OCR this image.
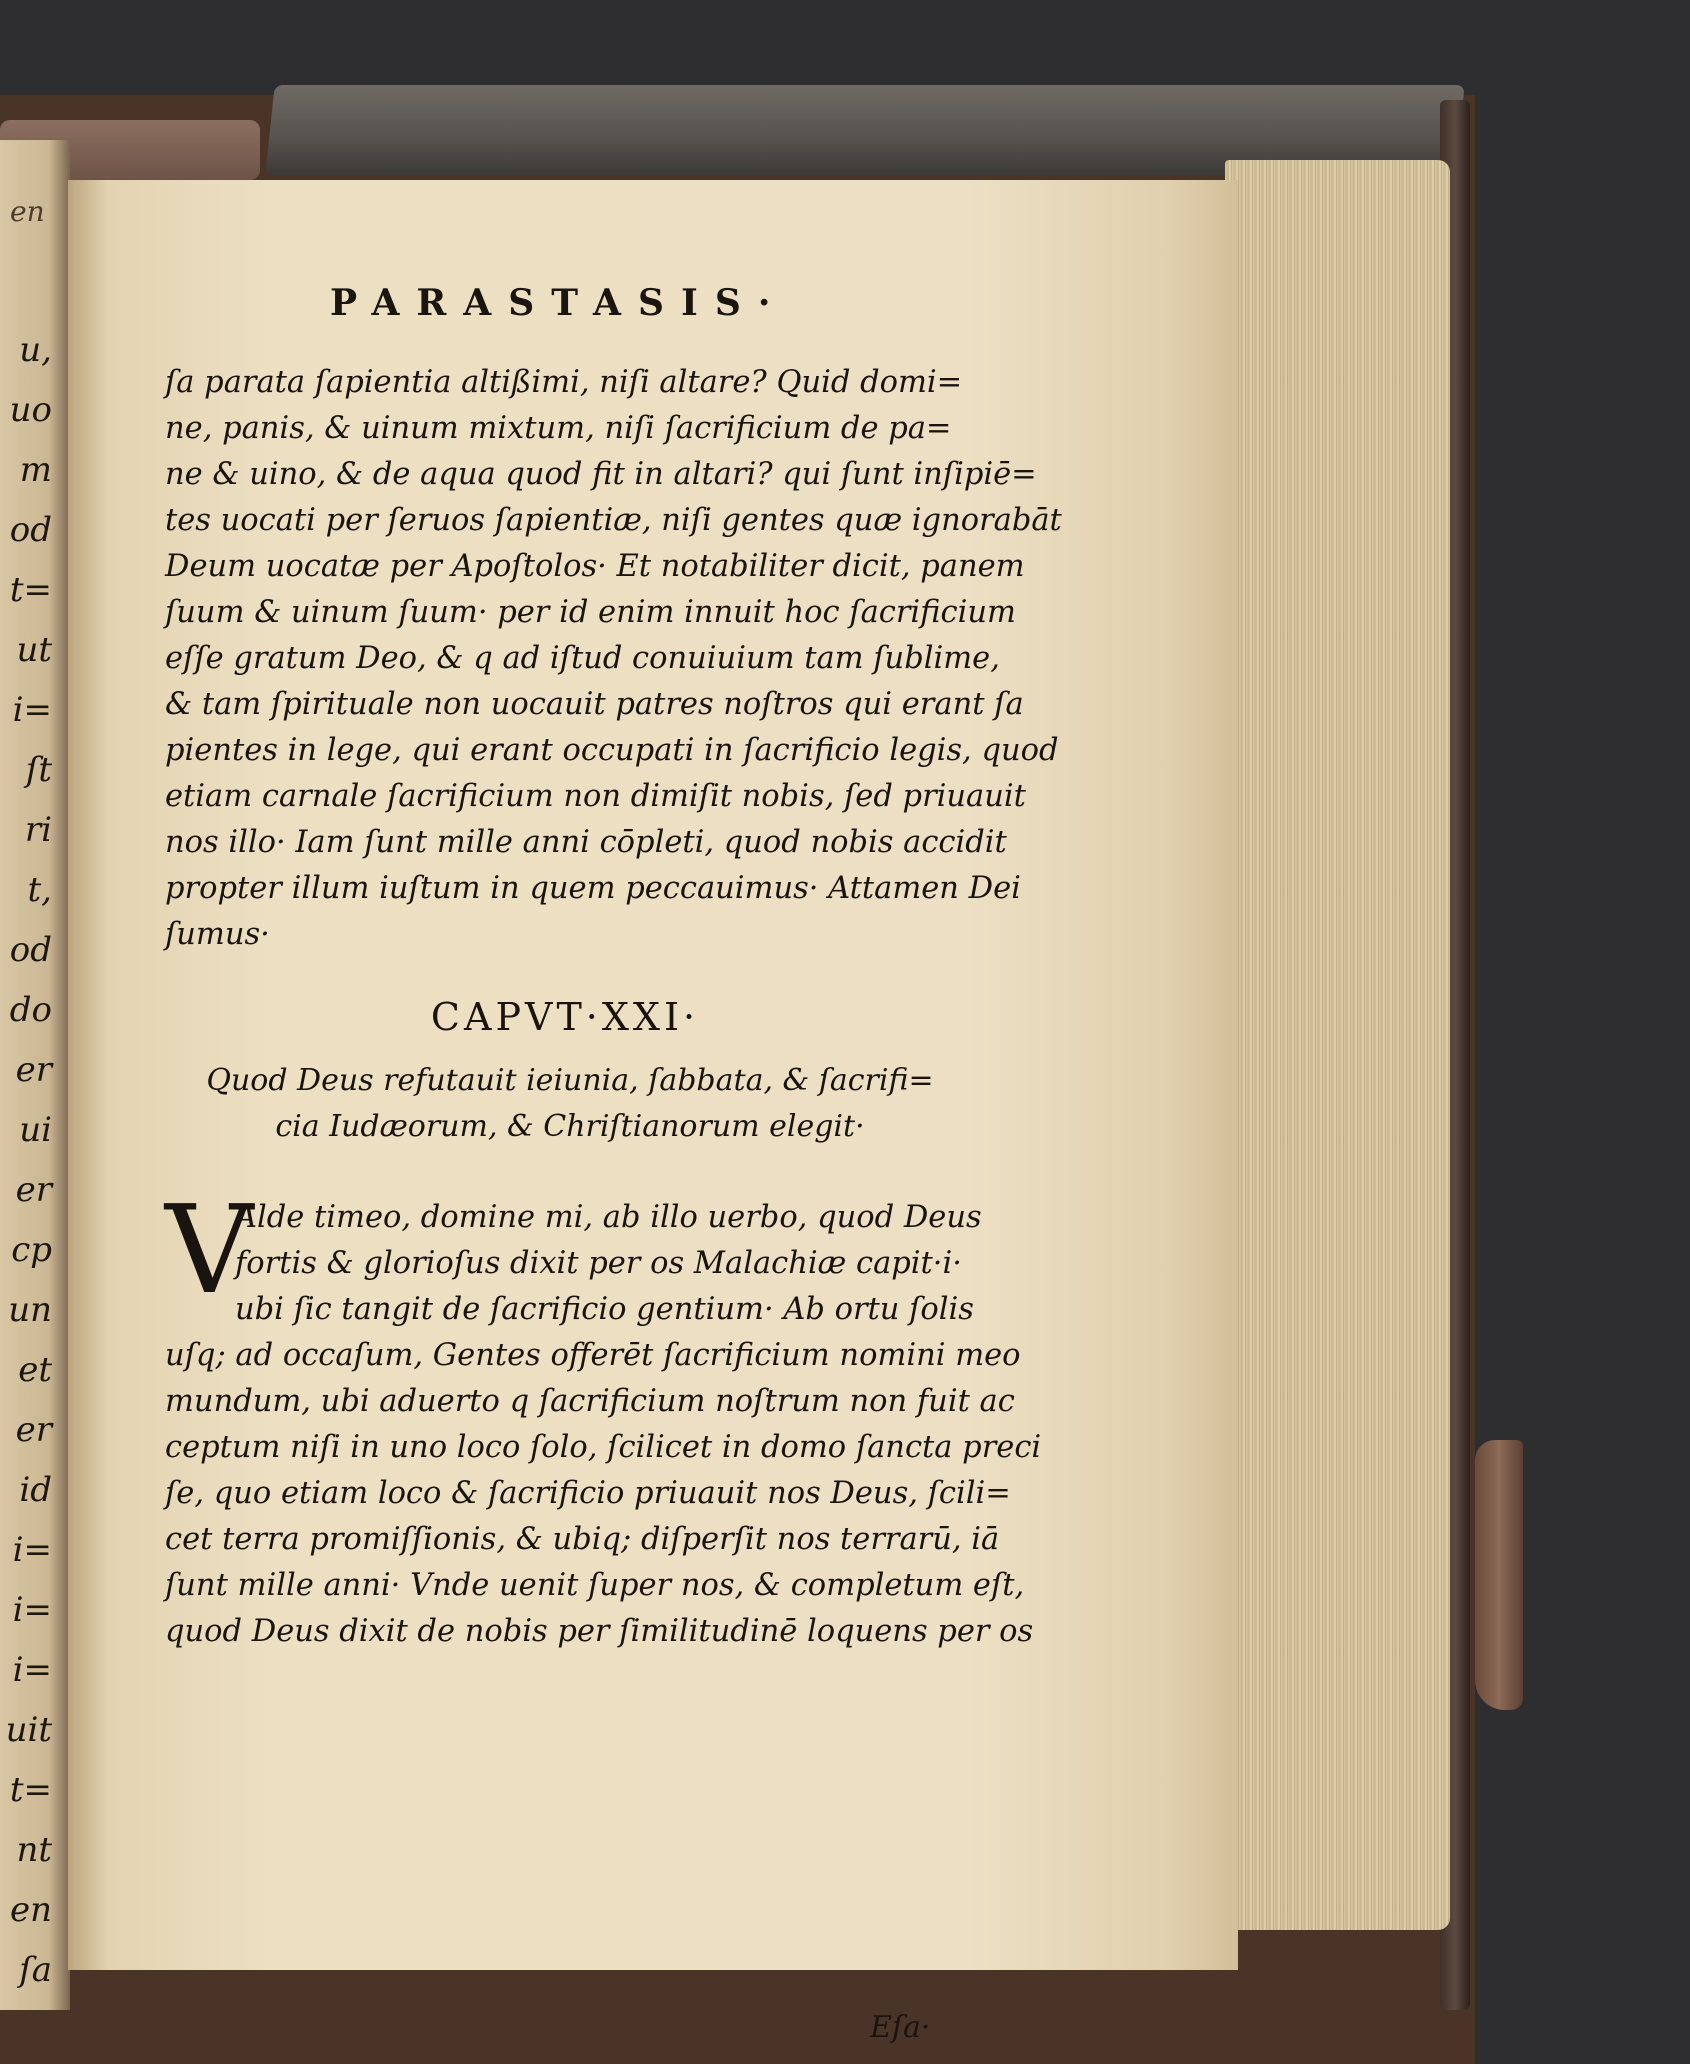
en
u,
uo
m
od
t=
ut
i=
ſt
ri
t,
od
do
er
ui
er
cp
un
et
er
id
i=
i=
i=
uit
t=
nt
en
ſa
PARASTASIS·
ſa parata ſapientia altißimi, niſi altare? Quid domi=
ne, panis, & uinum mixtum, niſi ſacrificium de pa=
ne & uino, & de aqua quod fit in altari? qui ſunt inſipiē=
tes uocati per ſeruos ſapientiæ, niſi gentes quæ ignorabāt
Deum uocatæ per Apoſtolos· Et notabiliter dicit, panem
ſuum & uinum ſuum· per id enim innuit hoc ſacrificium
eſſe gratum Deo, & q ad iſtud conuiuium tam ſublime,
& tam ſpirituale non uocauit patres noſtros qui erant ſa
pientes in lege, qui erant occupati in ſacrificio legis, quod
etiam carnale ſacrificium non dimiſit nobis, ſed priuauit
nos illo· Iam ſunt mille anni cōpleti, quod nobis accidit
propter illum iuſtum in quem peccauimus· Attamen Dei
ſumus·
CAPVT·XXI·
Quod Deus refutauit ieiunia, ſabbata, & ſacrifi=
cia Iudæorum, & Chriſtianorum elegit·
V
Alde timeo, domine mi, ab illo uerbo, quod Deus
fortis & glorioſus dixit per os Malachiæ capit·i·
ubi ſic tangit de ſacrificio gentium· Ab ortu ſolis
uſq; ad occaſum, Gentes offerēt ſacrificium nomini meo
mundum, ubi aduerto q ſacrificium noſtrum non fuit ac
ceptum niſi in uno loco ſolo, ſcilicet in domo ſancta preci
ſe, quo etiam loco & ſacrificio priuauit nos Deus, ſcili=
cet terra promiſſionis, & ubiq; diſperſit nos terrarū, iā
ſunt mille anni· Vnde uenit ſuper nos, & completum eſt,
quod Deus dixit de nobis per ſimilitudinē loquens per os
Eſa·
